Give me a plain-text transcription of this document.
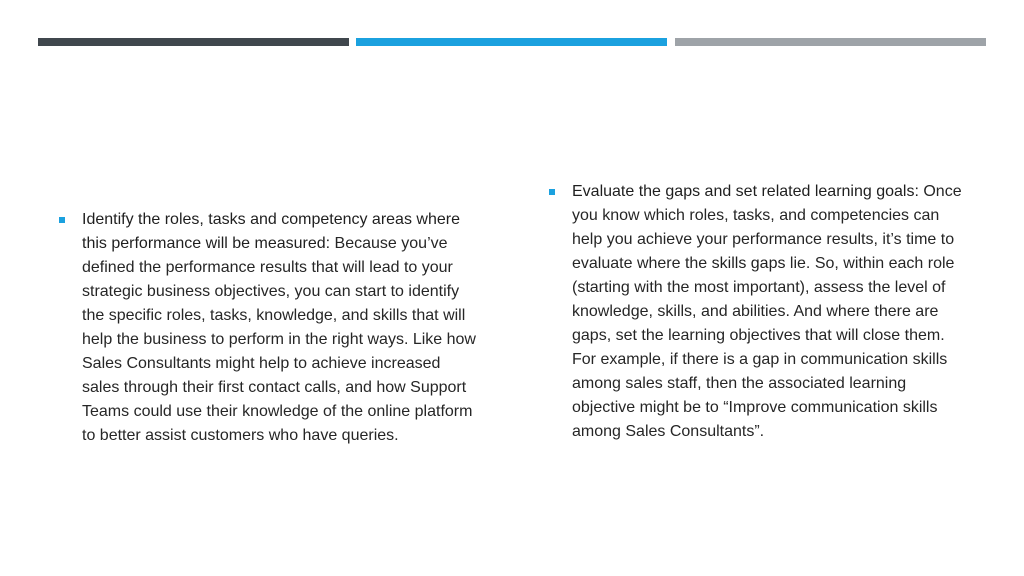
Identify the roles, tasks and competency areas where this performance will be measured: Because you’ve defined the performance results that will lead to your strategic business objectives, you can start to identify the specific roles, tasks, knowledge, and skills that will help the business to perform in the right ways. Like how Sales Consultants might help to achieve increased sales through their first contact calls, and how Support Teams could use their knowledge of the online platform to better assist customers who have queries.
Evaluate the gaps and set related learning goals: Once you know which roles, tasks, and competencies can help you achieve your performance results, it’s time to evaluate where the skills gaps lie. So, within each role (starting with the most important), assess the level of knowledge, skills, and abilities. And where there are gaps, set the learning objectives that will close them. For example, if there is a gap in communication skills among sales staff, then the associated learning objective might be to “Improve communication skills among Sales Consultants”.
